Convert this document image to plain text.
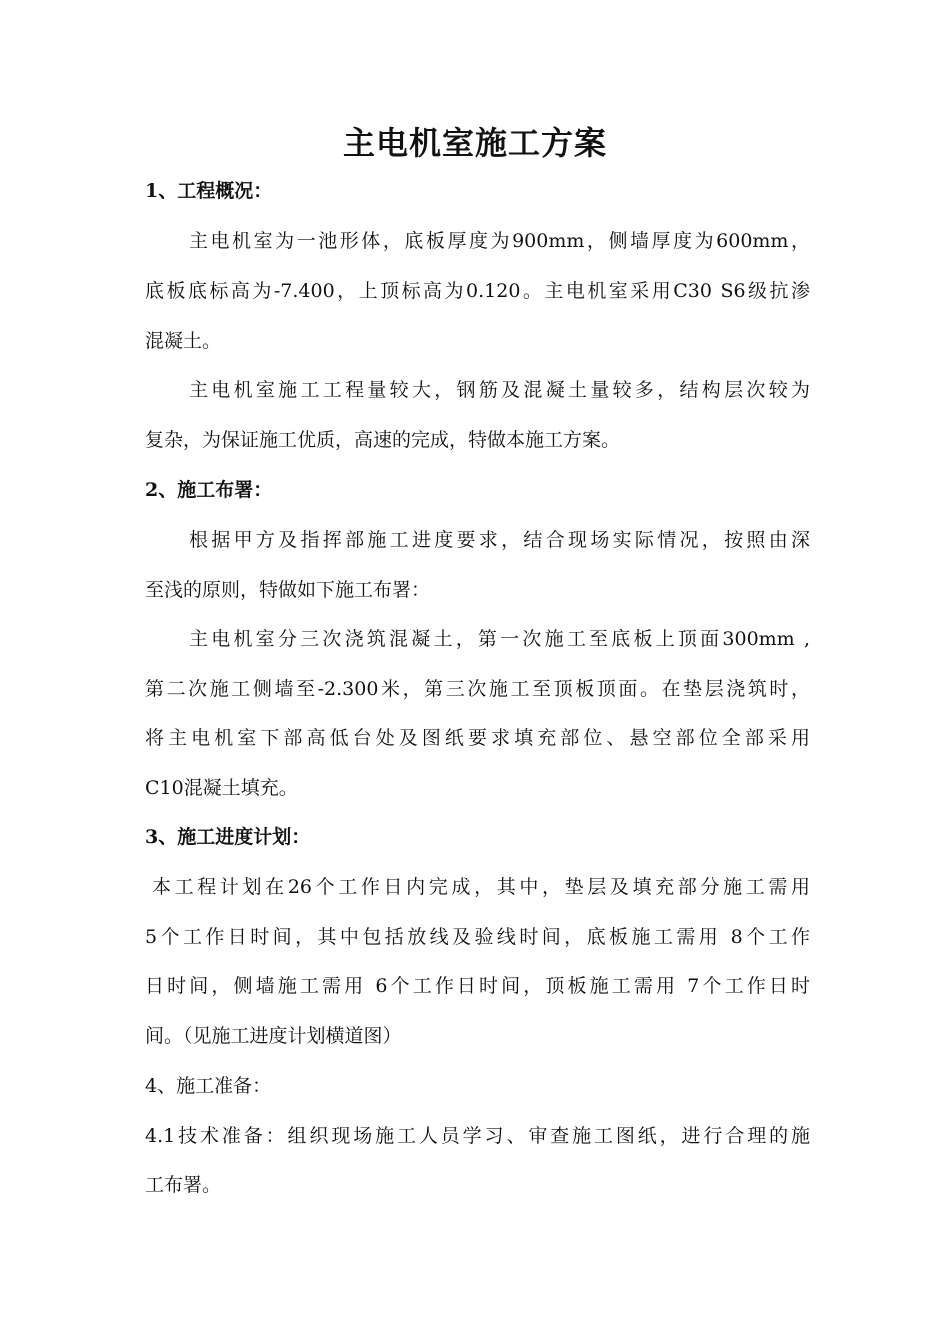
主电机室施工方案
1、工程概况：
主电机室为一池形体，底板厚度为900mm，侧墙厚度为600mm，
底板底标高为-7.400，上顶标高为0.120。主电机室采用C30 S6级抗渗
混凝土。
主电机室施工工程量较大，钢筋及混凝土量较多，结构层次较为
复杂，为保证施工优质，高速的完成，特做本施工方案。
2、施工布署：
根据甲方及指挥部施工进度要求，结合现场实际情况，按照由深
至浅的原则，特做如下施工布署：
主电机室分三次浇筑混凝土，第一次施工至底板上顶面300mm ,
第二次施工侧墙至-2.300米，第三次施工至顶板顶面。在垫层浇筑时，
将主电机室下部高低台处及图纸要求填充部位、悬空部位全部采用
C10混凝土填充。
3、施工进度计划：
本工程计划在26个工作日内完成，其中，垫层及填充部分施工需用
5个工作日时间，其中包括放线及验线时间，底板施工需用 8个工作
日时间，侧墙施工需用 6个工作日时间，顶板施工需用 7个工作日时
间。（见施工进度计划横道图）
4、施工准备：
4.1技术准备：组织现场施工人员学习、审查施工图纸，进行合理的施
工布署。
